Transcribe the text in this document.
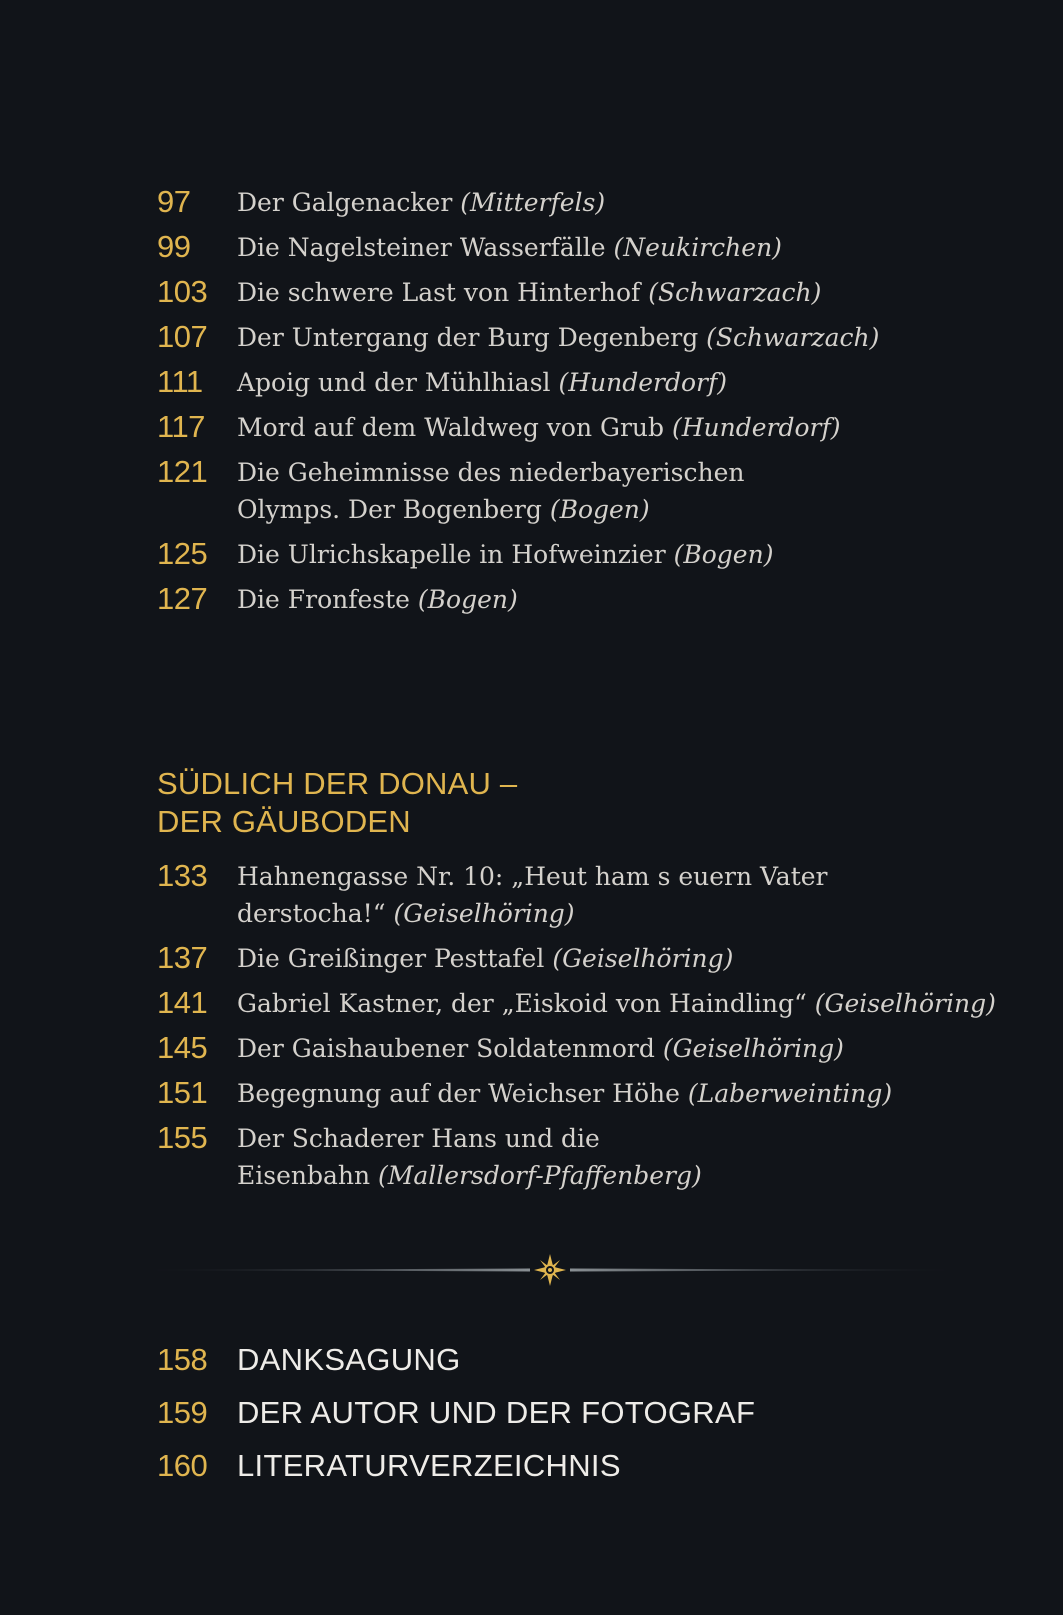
97	Der Galgenacker (Mitterfels)
99	Die Nagelsteiner Wasserfälle (Neukirchen)
103	Die schwere Last von Hinterhof (Schwarzach)
107	Der Untergang der Burg Degenberg (Schwarzach)
111	Apoig und der Mühlhiasl (Hunderdorf)
117	Mord auf dem Waldweg von Grub (Hunderdorf)
121	Die Geheimnisse des niederbayerischen Olymps. Der Bogenberg (Bogen)
125	Die Ulrichskapelle in Hofweinzier (Bogen)
127	Die Fronfeste (Bogen)
SÜDLICH DER DONAU –
DER GÄUBODEN
133	Hahnengasse Nr. 10: „Heut ham s euern Vater derstocha!“ (Geiselhöring)
137	Die Greißinger Pesttafel (Geiselhöring)
141	Gabriel Kastner, der „Eiskoid von Haindling“ (Geiselhöring)
145	Der Gaishaubener Soldatenmord (Geiselhöring)
151	Begegnung auf der Weichser Höhe (Laberweinting)
155	Der Schaderer Hans und die Eisenbahn (Mallersdorf-Pfaffenberg)
158 DANKSAGUNG
159 DER AUTOR UND DER FOTOGRAF
160 LITERATURVERZEICHNIS
